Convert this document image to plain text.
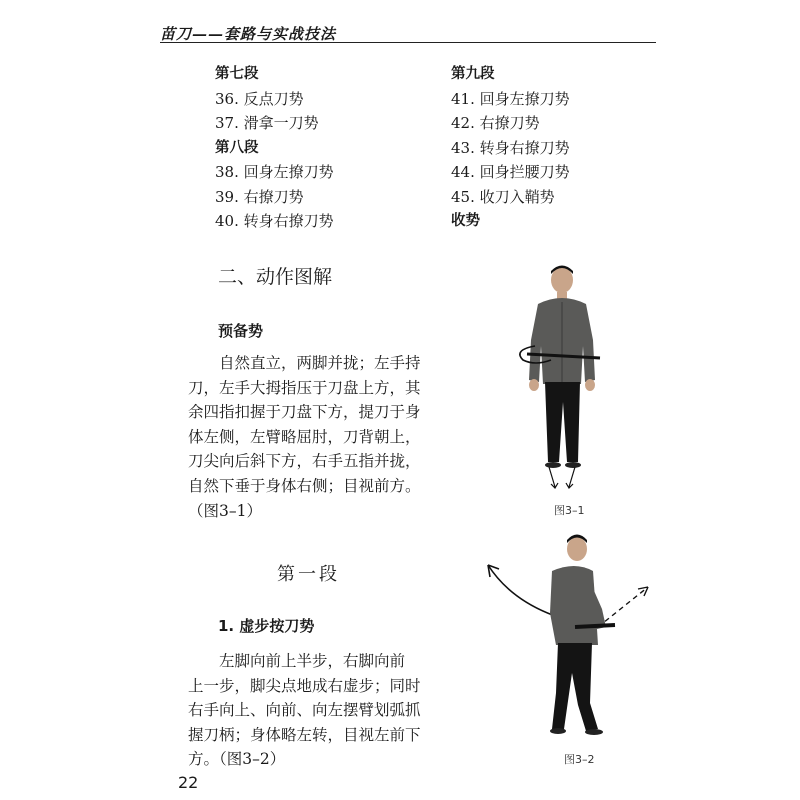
苗刀——套路与实战技法
第七段
36. 反点刀势
37. 滑拿一刀势
第八段
38. 回身左撩刀势
39. 右撩刀势
40. 转身右撩刀势
第九段
41. 回身左撩刀势
42. 右撩刀势
43. 转身右撩刀势
44. 回身拦腰刀势
45. 收刀入鞘势
收势
二、动作图解
预备势
自然直立，两脚并拢；左手持
刀，左手大拇指压于刀盘上方，其
余四指扣握于刀盘下方，提刀于身
体左侧，左臂略屈肘，刀背朝上，
刀尖向后斜下方，右手五指并拢，
自然下垂于身体右侧；目视前方。
（图3–1）
第一段
1. 虚步按刀势
左脚向前上半步，右脚向前
上一步，脚尖点地成右虚步；同时
右手向上、向前、向左摆臂划弧抓
握刀柄；身体略左转，目视左前下
方。（图3–2）
图3–1
图3–2
22
